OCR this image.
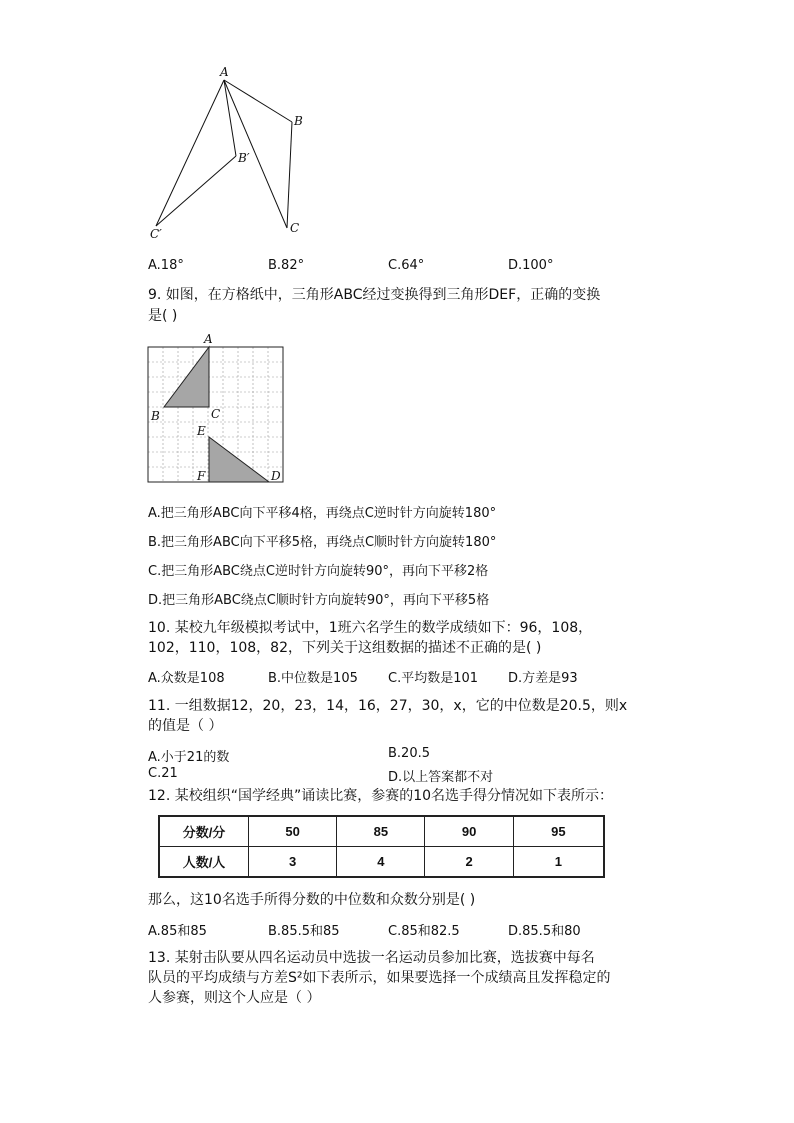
A
B
B′
C
C′
A.18°	B.82°	C.64°	D.100°
9. 如图，在方格纸中，三角形ABC经过变换得到三角形DEF，正确的变换
是( )
A
B	C
E
F	D
A.把三角形ABC向下平移4格，再绕点C逆时针方向旋转180°
B.把三角形ABC向下平移5格，再绕点C顺时针方向旋转180°
C.把三角形ABC绕点C逆时针方向旋转90°，再向下平移2格
D.把三角形ABC绕点C顺时针方向旋转90°，再向下平移5格
10. 某校九年级模拟考试中，1班六名学生的数学成绩如下：96，108，
102，110，108，82，下列关于这组数据的描述不正确的是( )
A.众数是108	B.中位数是105 C.平均数是101 D.方差是93
11. 一组数据12，20，23，14，16，27，30，x，它的中位数是20.5，则x
的值是（ ）
A.小于21的数	B.20.5
C.21	D.以上答案都不对
12. 某校组织“国学经典”诵读比赛，参赛的10名选手得分情况如下表所示：
分数/分	50	85	90	95
人数/人	3	4	2	1
那么，这10名选手所得分数的中位数和众数分别是( )
A.85和85	B.85.5和85	C.85和82.5	D.85.5和80
13. 某射击队要从四名运动员中选拔一名运动员参加比赛，选拔赛中每名
队员的平均成绩与方差S²如下表所示，如果要选择一个成绩高且发挥稳定的
人参赛，则这个人应是（ ）
